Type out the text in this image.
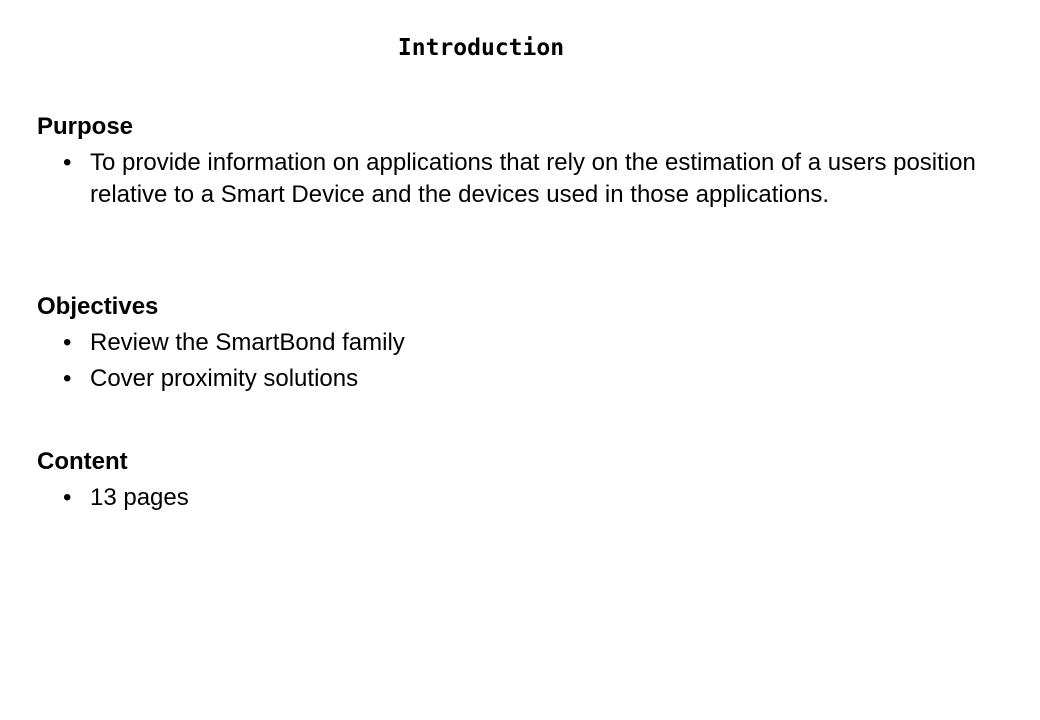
Introduction
Purpose
• To provide information on applications that rely on the estimation of a users position relative to a Smart Device and the devices used in those applications.
Objectives
• Review the SmartBond family
• Cover proximity solutions
Content
• 13 pages
